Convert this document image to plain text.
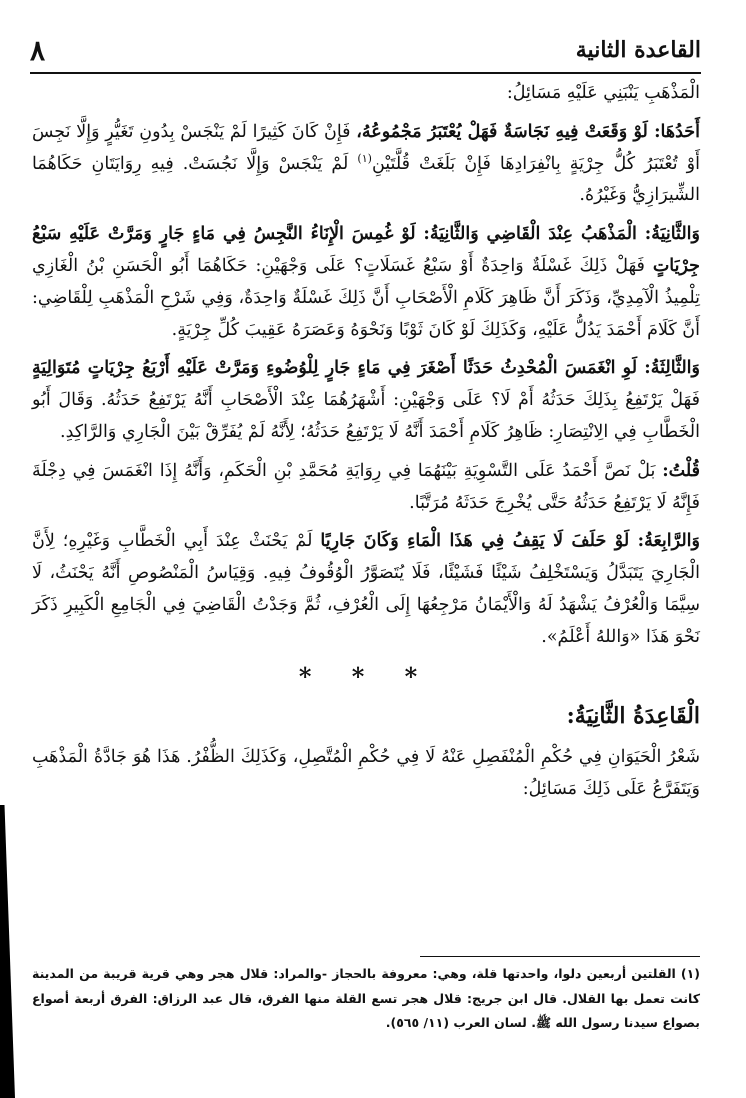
٨	القاعدة الثانية

الْمَذْهَبِ يَنْبَنِي عَلَيْهِ مَسَائِلُ:

أَحَدُهَا: لَوْ وَقَعَتْ فِيهِ نَجَاسَةٌ فَهَلْ يُعْتَبَرُ مَجْمُوعُهُ، فَإِنْ كَانَ كَثِيرًا لَمْ يَنْجَسْ بِدُونِ تَغَيُّرٍ وَإِلَّا نَجِسَ أَوْ تُعْتَبَرُ كُلُّ جِرْيَةٍ بِانْفِرَادِهَا فَإِنْ بَلَغَتْ قُلَّتَيْنِ$^{(١)}$ لَمْ يَنْجَسْ وَإِلَّا نَجُسَتْ. فِيهِ رِوَايَتَانِ حَكَاهُمَا الشِّيرَازِيُّ وَغَيْرُهُ.

وَالثَّانِيَةُ: الْمَذْهَبُ عِنْدَ الْقَاضِي وَالثَّانِيَةُ: لَوْ غُمِسَ الْإِنَاءُ النَّجِسُ فِي مَاءٍ جَارٍ وَمَرَّتْ عَلَيْهِ سَبْعُ جِرْيَاتٍ فَهَلْ ذَلِكَ غَسْلَةٌ وَاحِدَةٌ أَوْ سَبْعُ غَسَلَاتٍ؟ عَلَى وَجْهَيْنِ: حَكَاهُمَا أَبُو الْحَسَنِ بْنُ الْغَازِي تِلْمِيذُ الْآمِدِيِّ، وَذَكَرَ أَنَّ ظَاهِرَ كَلَامِ الْأَصْحَابِ أَنَّ ذَلِكَ غَسْلَةٌ وَاحِدَةٌ، وَفِي شَرْحِ الْمَذْهَبِ لِلْقَاضِي: أَنَّ كَلَامَ أَحْمَدَ يَدُلُّ عَلَيْهِ، وَكَذَلِكَ لَوْ كَانَ ثَوْبًا وَنَحْوَهُ وَعَصَرَهُ عَقِيبَ كُلِّ جِرْيَةٍ.

وَالثَّالِثَةُ: لَوِ انْغَمَسَ الْمُحْدِثُ حَدَثًا أَصْغَرَ فِي مَاءٍ جَارٍ لِلْوُضُوءِ وَمَرَّتْ عَلَيْهِ أَرْبَعُ جِرْيَاتٍ مُتَوَالِيَةٍ فَهَلْ يَرْتَفِعُ بِذَلِكَ حَدَثُهُ أَمْ لَا؟ عَلَى وَجْهَيْنِ: أَشْهَرُهُمَا عِنْدَ الْأَصْحَابِ أَنَّهُ يَرْتَفِعُ حَدَثُهُ. وَقَالَ أَبُو الْخَطَّابِ فِي الِانْتِصَارِ: ظَاهِرُ كَلَامِ أَحْمَدَ أَنَّهُ لَا يَرْتَفِعُ حَدَثُهُ؛ لِأَنَّهُ لَمْ يُفَرِّقْ بَيْنَ الْجَارِي وَالرَّاكِدِ.

قُلْتُ: بَلْ نَصَّ أَحْمَدُ عَلَى التَّسْوِيَةِ بَيْنَهُمَا فِي رِوَايَةِ مُحَمَّدِ بْنِ الْحَكَمِ، وَأَنَّهُ إِذَا انْغَمَسَ فِي دِجْلَةَ فَإِنَّهُ لَا يَرْتَفِعُ حَدَثُهُ حَتَّى يُخْرِجَ حَدَثَهُ مُرَتَّبًا.

وَالرَّابِعَةُ: لَوْ حَلَفَ لَا يَقِفُ فِي هَذَا الْمَاءِ وَكَانَ جَارِيًا لَمْ يَحْنَثْ عِنْدَ أَبِي الْخَطَّابِ وَغَيْرِهِ؛ لِأَنَّ الْجَارِيَ يَتَبَدَّلُ وَيَسْتَخْلِفُ شَيْئًا فَشَيْئًا، فَلَا يُتَصَوَّرُ الْوُقُوفُ فِيهِ. وَقِيَاسُ الْمَنْصُوصِ أَنَّهُ يَحْنَثُ، لَا سِيَّمَا وَالْعُرْفُ يَشْهَدُ لَهُ وَالْأَيْمَانُ مَرْجِعُهَا إِلَى الْعُرْفِ، ثُمَّ وَجَدْتُ الْقَاضِيَ فِي الْجَامِعِ الْكَبِيرِ ذَكَرَ نَحْوَ هَذَا «وَاللهُ أَعْلَمُ».

* * *
الْقَاعِدَةُ الثَّانِيَةُ:

شَعْرُ الْحَيَوَانِ فِي حُكْمِ الْمُنْفَصِلِ عَنْهُ لَا فِي حُكْمِ الْمُتَّصِلِ، وَكَذَلِكَ الظُّفْرُ. هَذَا هُوَ جَادَّةُ الْمَذْهَبِ وَيَتَفَرَّعُ عَلَى ذَلِكَ مَسَائِلُ:

(١) القلتين أربعين دلوا، واحدتها قلة، وهي: معروفة بالحجاز -والمراد: قلال هجر وهي قرية قريبة من المدينة كانت تعمل بها القلال. قال ابن جريج: قلال هجر تسع القلة منها الفرق، قال عبد الرزاق: الفرق أربعة أصواع بصواع سيدنا رسول الله ﷺ. لسان العرب (١١/ ٥٦٥).
